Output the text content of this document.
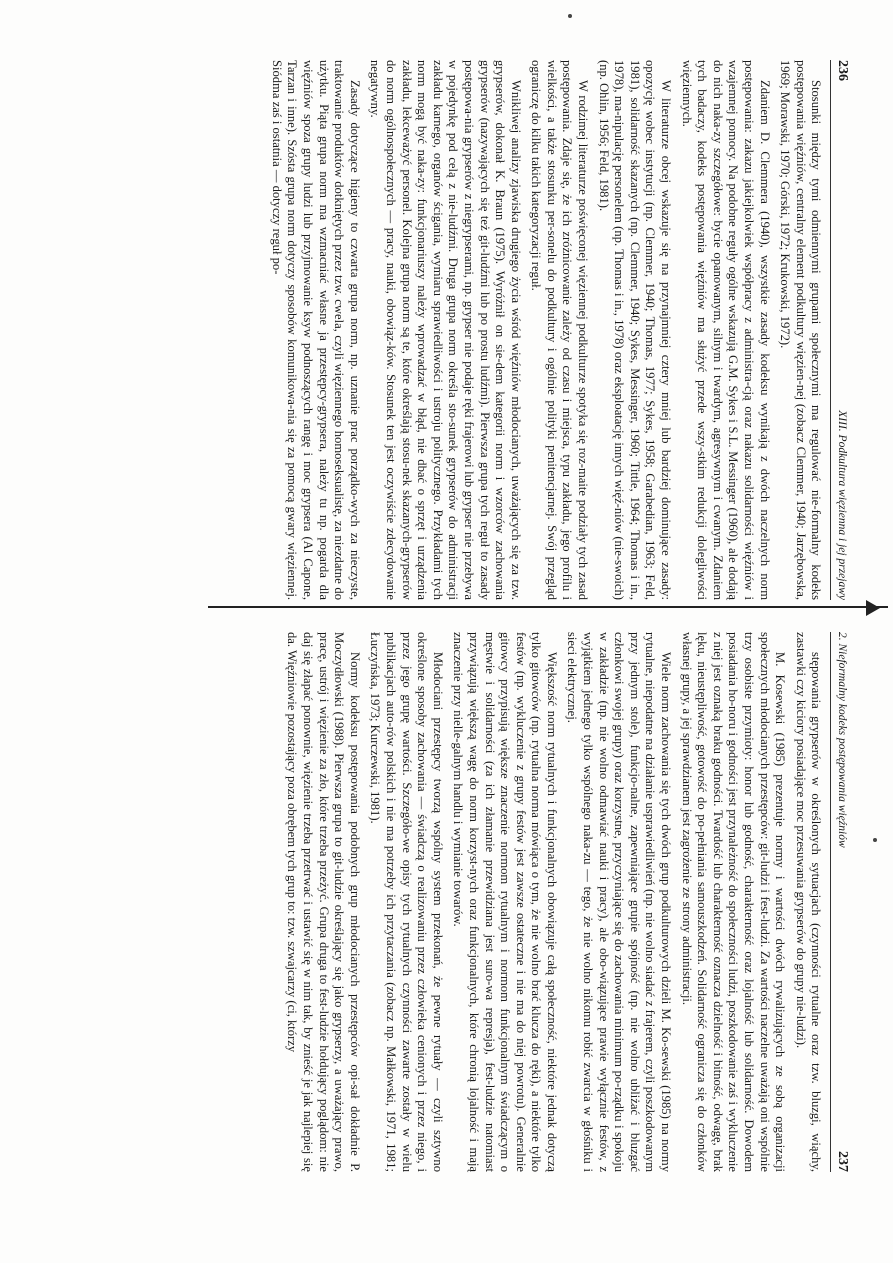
236
XIII. Podkultura więzienna i jej przejawy

Stosunki między tymi odmiennymi grupami społecznymi ma regulować nie-formalny kodeks postępowania więźniów, centralny element podkultury więzien-nej (zobacz Clemmer, 1940; Jarzębowska, 1969; Morawski, 1970; Górski, 1972; Krukowski, 1972).

Zdaniem D. Clemmera (1940), wszystkie zasady kodeksu wynikają z dwóch naczelnych norm postępowania: zakazu jakiejkolwiek współpracy z administra-cją oraz nakazu solidarności więźniów i wzajemnej pomocy. Na podobne reguły ogólne wskazują G.M. Sykes i S.L. Messinger (1960), ale dodają do nich naka-zy szczegółowe: bycie opanowanym, silnym i twardym, agresywnym i cwanym. Zdaniem tych badaczy, kodeks postępowania więźniów ma służyć przede wszy-stkim redukcji dolegliwości więziennych.

W literaturze obcej wskazuje się na przynajmniej cztery mniej lub bardziej dominujące zasady: opozycję wobec instytucji (np. Clemmer, 1940; Thomas, 1977; Sykes, 1958; Garabedian, 1963; Feld, 1981), solidarność skazanych (np. Clemmer, 1940; Sykes, Messinger, 1960; Tittle, 1964; Thomas i in., 1978), ma-nipulację personelem (np. Thomas i in., 1978) oraz eksploatację innych więź-niów (nie-swoich) (np. Ohlin, 1956; Feld, 1981).

W rodzimej literaturze poświęconej więziennej podkulturze spotyka się roz-maite podziały tych zasad postępowania. Zdaje się, że ich zróżnicowanie zależy od czasu i miejsca, typu zakładu, jego profilu i wielkości, a także stosunku per-sonelu do podkultury i ogólnie polityki penitencjarnej. Swój przegląd ograniczę do kilku takich kategoryzacji reguł.

Wnikliwej analizy zjawiska drugiego życia wśród więźniów młodocianych, uważających się za tzw. grypserów, dokonał K. Braun (1975). Wyróżnił on sie-dem kategorii norm i wzorców zachowania grypserów (nazywających się też git-ludźmi lub po prostu ludźmi). Pierwsza grupa tych reguł to zasady postępowa-nia grypserów z niegrypserami, np. grypser nie podaje ręki frajerowi lub grypser nie przebywa w pojedynkę pod celą z nie-ludźmi. Druga grupa norm określa sto-sunek grypserów do administracji zakładu karnego, organów ścigania, wymiaru sprawiedliwości i ustroju politycznego. Przykładami tych norm mogą być naka-zy: funkcjonariuszy należy wprowadzać w błąd, nie dbać o sprzęt i urządzenia zakładu, lekceważyć personel. Kolejna grupa norm są te, które określają stosu-nek skazanych-grypserów do norm ogólnospołecznych — pracy, nauki, obowiąz-ków. Stosunek ten jest oczywiście zdecydowanie negatywny.

Zasady dotyczące higieny to czwarta grupa norm, np. uznanie prac porządko-wych za nieczyste, traktowanie produktów dotkniętych przez tzw. cwela, czyli więziennego homoseksualistę, za niezdatne do użytku. Piąta grupa norm ma wzmacniać własne ja przestępcy-grypsera, należy tu np. pogarda dla więźniów spoza grupy ludzi lub przyjmowanie ksyw podnoszących rangę i moc grypsera (Al Capone, Tarzan i inne). Szósta grupa norm dotyczy sposobów komunikowa-nia się za pomocą gwary więziennej. Siódma zaś i ostatnia — dotyczy reguł po-

2. Nieformalny kodeks postępowania więźniów
237

stępowania grypserów w określonych sytuacjach (czynności rytualne oraz tzw. bluzgi, wiąchy, zastawki czy kiciory posiadające moc przesuwania grypserów do grupy nie-ludzi).

M. Kosewski (1985) prezentuje normy i wartości dwóch rywalizujących ze sobą organizacji społecznych młodocianych przestępców: git-ludzi i fest-ludzi. Za wartości naczelne uważają oni wspólnie trzy osobiste przymioty: honor lub godność, charakterność oraz lojalność lub solidarność. Dowodem posiadania ho-noru i godności jest przynależność do społeczności ludzi, poszkodowanie zaś i wykluczenie z niej jest oznaką braku godności. Twardość lub charakterność oznacza dzielność i bitność, odwagę, brak lęku, nieustępliwość, gotowość do po-pełniania samouszkodzeń. Solidarność ogranicza się do członków własnej grupy, a jej sprawdzianem jest zagrożenie ze strony administracji.

Wiele norm zachowania się tych dwóch grup podkulturowych dzieli M. Ko-sewski (1985) na normy rytualne, niepodatne na działanie usprawiedliwień (np. nie wolno siadać z frajerem, czyli poszkodowanym przy jednym stole), funkcjo-nalne, zapewniające grupie spójność (np. nie wolno ubliżać i bluzgać członkowi swojej grupy) oraz korzystne, przyczyniające się do zachowania minimum po-rządku i spokoju w zakładzie (np. nie wolno odmawiać nauki i pracy), ale obo-wiązujące prawie wyłącznie festów, z wyjątkiem jednego tylko wspólnego naka-zu — tego, że nie wolno nikomu robić zwarcia w głośniku i sieci elektrycznej.

Większość norm rytualnych i funkcjonalnych obowiązuje całą społeczność, niektóre jednak dotyczą tylko gitowców (np. rytualna norma mówiąca o tym, że nie wolno brać klucza do ręki), a niektóre tylko festów (np. wykluczenie z grupy festów jest zawsze ostateczne i nie ma do niej powrotu). Generalnie gitowcy przypisują większe znaczenie normom rytualnym i normom funkcjonalnym świadczącym o męstwie i solidarności (za ich złamanie przewidziana jest suro-wa represja), fest-ludzie natomiast przywiązują większą wagę do norm korzyst-nych oraz funkcjonalnych, które chronią lojalność i mają znaczenie przy nielle-galnym handlu i wymianie towarów.

Młodociani przestępcy tworzą wspólny system przekonań, że pewne rytuały — czyli sztywno określone sposoby zachowania — świadczą o realizowaniu przez człowieka cenionych i przez niego, i przez jego grupę wartości. Szczegóło-we opisy tych rytualnych czynności zawarte zostały w wielu publikacjach auto-rów polskich i nie ma potrzeby ich przytaczania (zobacz np. Małkowski, 1971, 1981; Łuczyńska, 1973; Kurczewski, 1981).

Normy kodeksu postępowania podobnych grup młodocianych przestępców opi-sał dokładnie P. Moczydłowski (1988). Pierwsza grupa to git-ludzie określający się jako grypserzy, a uważający prawo, pracę, ustrój i więzienie za zło, które trzeba przeżyć. Grupa druga to fest-ludzie hołdujący poglądom: nie daj się złapać ponownie, więzienie trzeba przetrwać i ustawić się w nim tak, by znieść je jak najlepiej się da. Więźniowie pozostający poza obrębem tych grup to: tzw. szwajcarzy (ci, którzy
